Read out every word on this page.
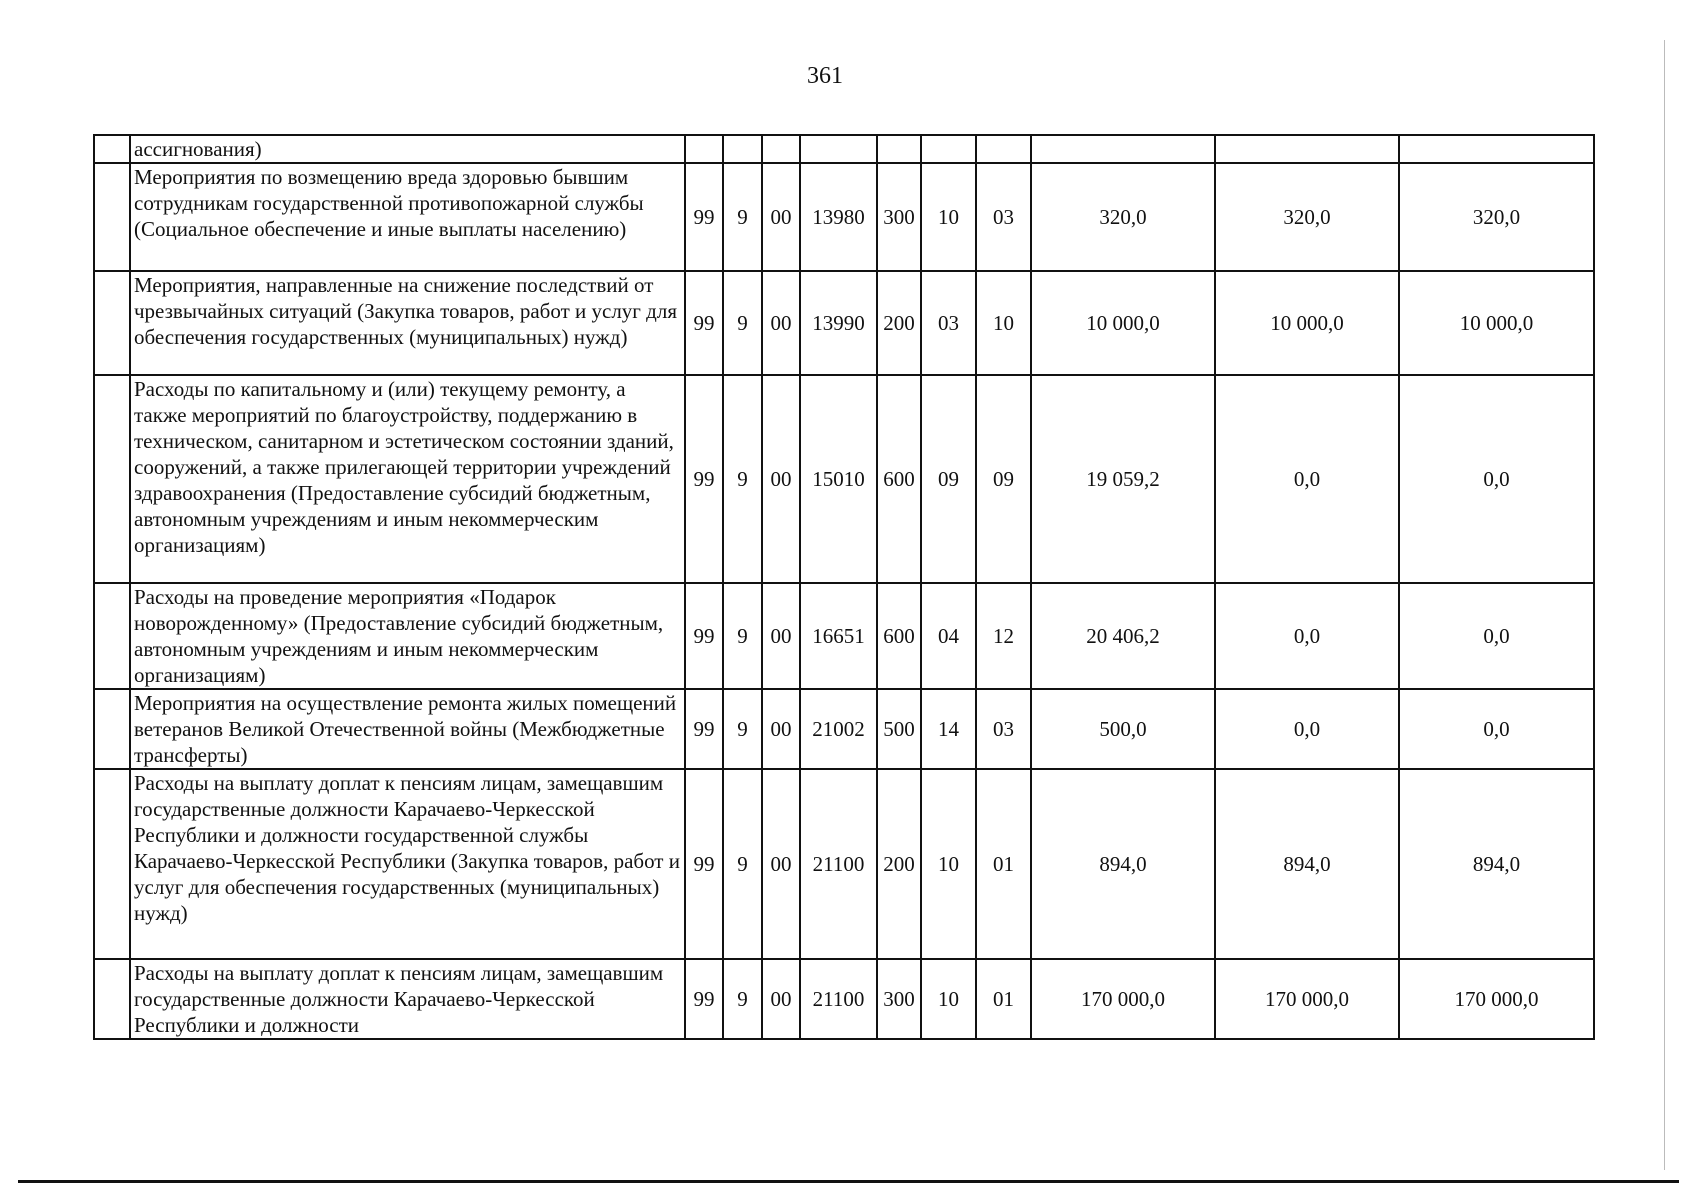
361
	ассигнования)										
	Мероприятия по возмещению вреда здоровью бывшим сотрудникам государственной противопожарной службы (Социальное обеспечение и иные выплаты населению)	99	9	00	13980	300	10	03	320,0	320,0	320,0
	Мероприятия, направленные на снижение последствий от чрезвычайных ситуаций (Закупка товаров, работ и услуг для обеспечения государственных (муниципальных) нужд)	99	9	00	13990	200	03	10	10 000,0	10 000,0	10 000,0
	Расходы по капитальному и (или) текущему ремонту, а также мероприятий по благоустройству, поддержанию в техническом, санитарном и эстетическом состоянии зданий, сооружений, а также прилегающей территории учреждений здравоохранения (Предоставление субсидий бюджетным, автономным учреждениям и иным некоммерческим организациям)	99	9	00	15010	600	09	09	19 059,2	0,0	0,0
	Расходы на проведение мероприятия «Подарок новорожденному» (Предоставление субсидий бюджетным, автономным учреждениям и иным некоммерческим организациям)	99	9	00	16651	600	04	12	20 406,2	0,0	0,0
	Мероприятия на осуществление ремонта жилых помещений ветеранов Великой Отечественной войны (Межбюджетные трансферты)	99	9	00	21002	500	14	03	500,0	0,0	0,0
	Расходы на выплату доплат к пенсиям лицам, замещавшим государственные должности Карачаево-Черкесской Республики и должности государственной службы Карачаево-Черкесской Республики (Закупка товаров, работ и услуг для обеспечения государственных (муниципальных) нужд)	99	9	00	21100	200	10	01	894,0	894,0	894,0
	Расходы на выплату доплат к пенсиям лицам, замещавшим государственные должности Карачаево-Черкесской Республики и должности	99	9	00	21100	300	10	01	170 000,0	170 000,0	170 000,0
